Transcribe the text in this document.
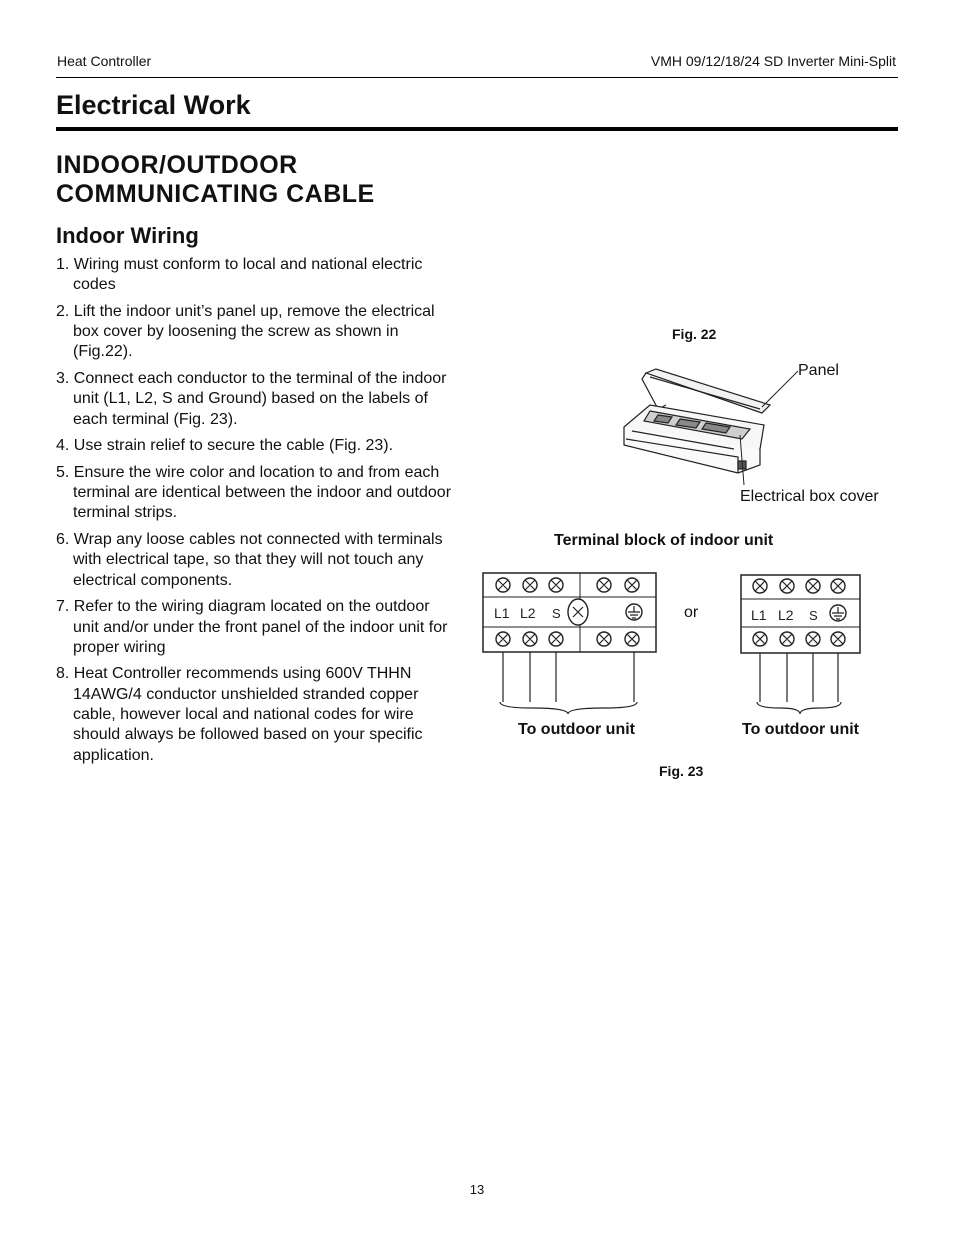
Heat Controller	VMH 09/12/18/24 SD Inverter Mini-Split
Electrical Work
INDOOR/OUTDOOR COMMUNICATING CABLE
Indoor Wiring
1. Wiring must conform to local and national electric codes
2. Lift the indoor unit’s panel up, remove the electrical box cover by loosening the screw as shown in (Fig.22).
3. Connect each conductor to the terminal of the indoor unit (L1, L2, S and Ground) based on the labels of each terminal (Fig. 23).
4. Use strain relief to secure the cable (Fig. 23).
5. Ensure the wire color and location to and from each terminal are identical between the indoor and outdoor terminal strips.
6. Wrap any loose cables not connected with terminals with electrical tape, so that they will not touch any electrical components.
7. Refer to the wiring diagram located on the outdoor unit and/or under the front panel of the indoor unit for proper wiring
8. Heat Controller recommends using 600V THHN 14AWG/4 conductor unshielded stranded copper cable, however local and national codes for wire should always be followed based on your specific application.
Fig. 22
Panel
Electrical box cover
Terminal block of indoor unit
or
L1 L2 S	L1 L2 S
To outdoor unit	To outdoor unit
Fig. 23
13
